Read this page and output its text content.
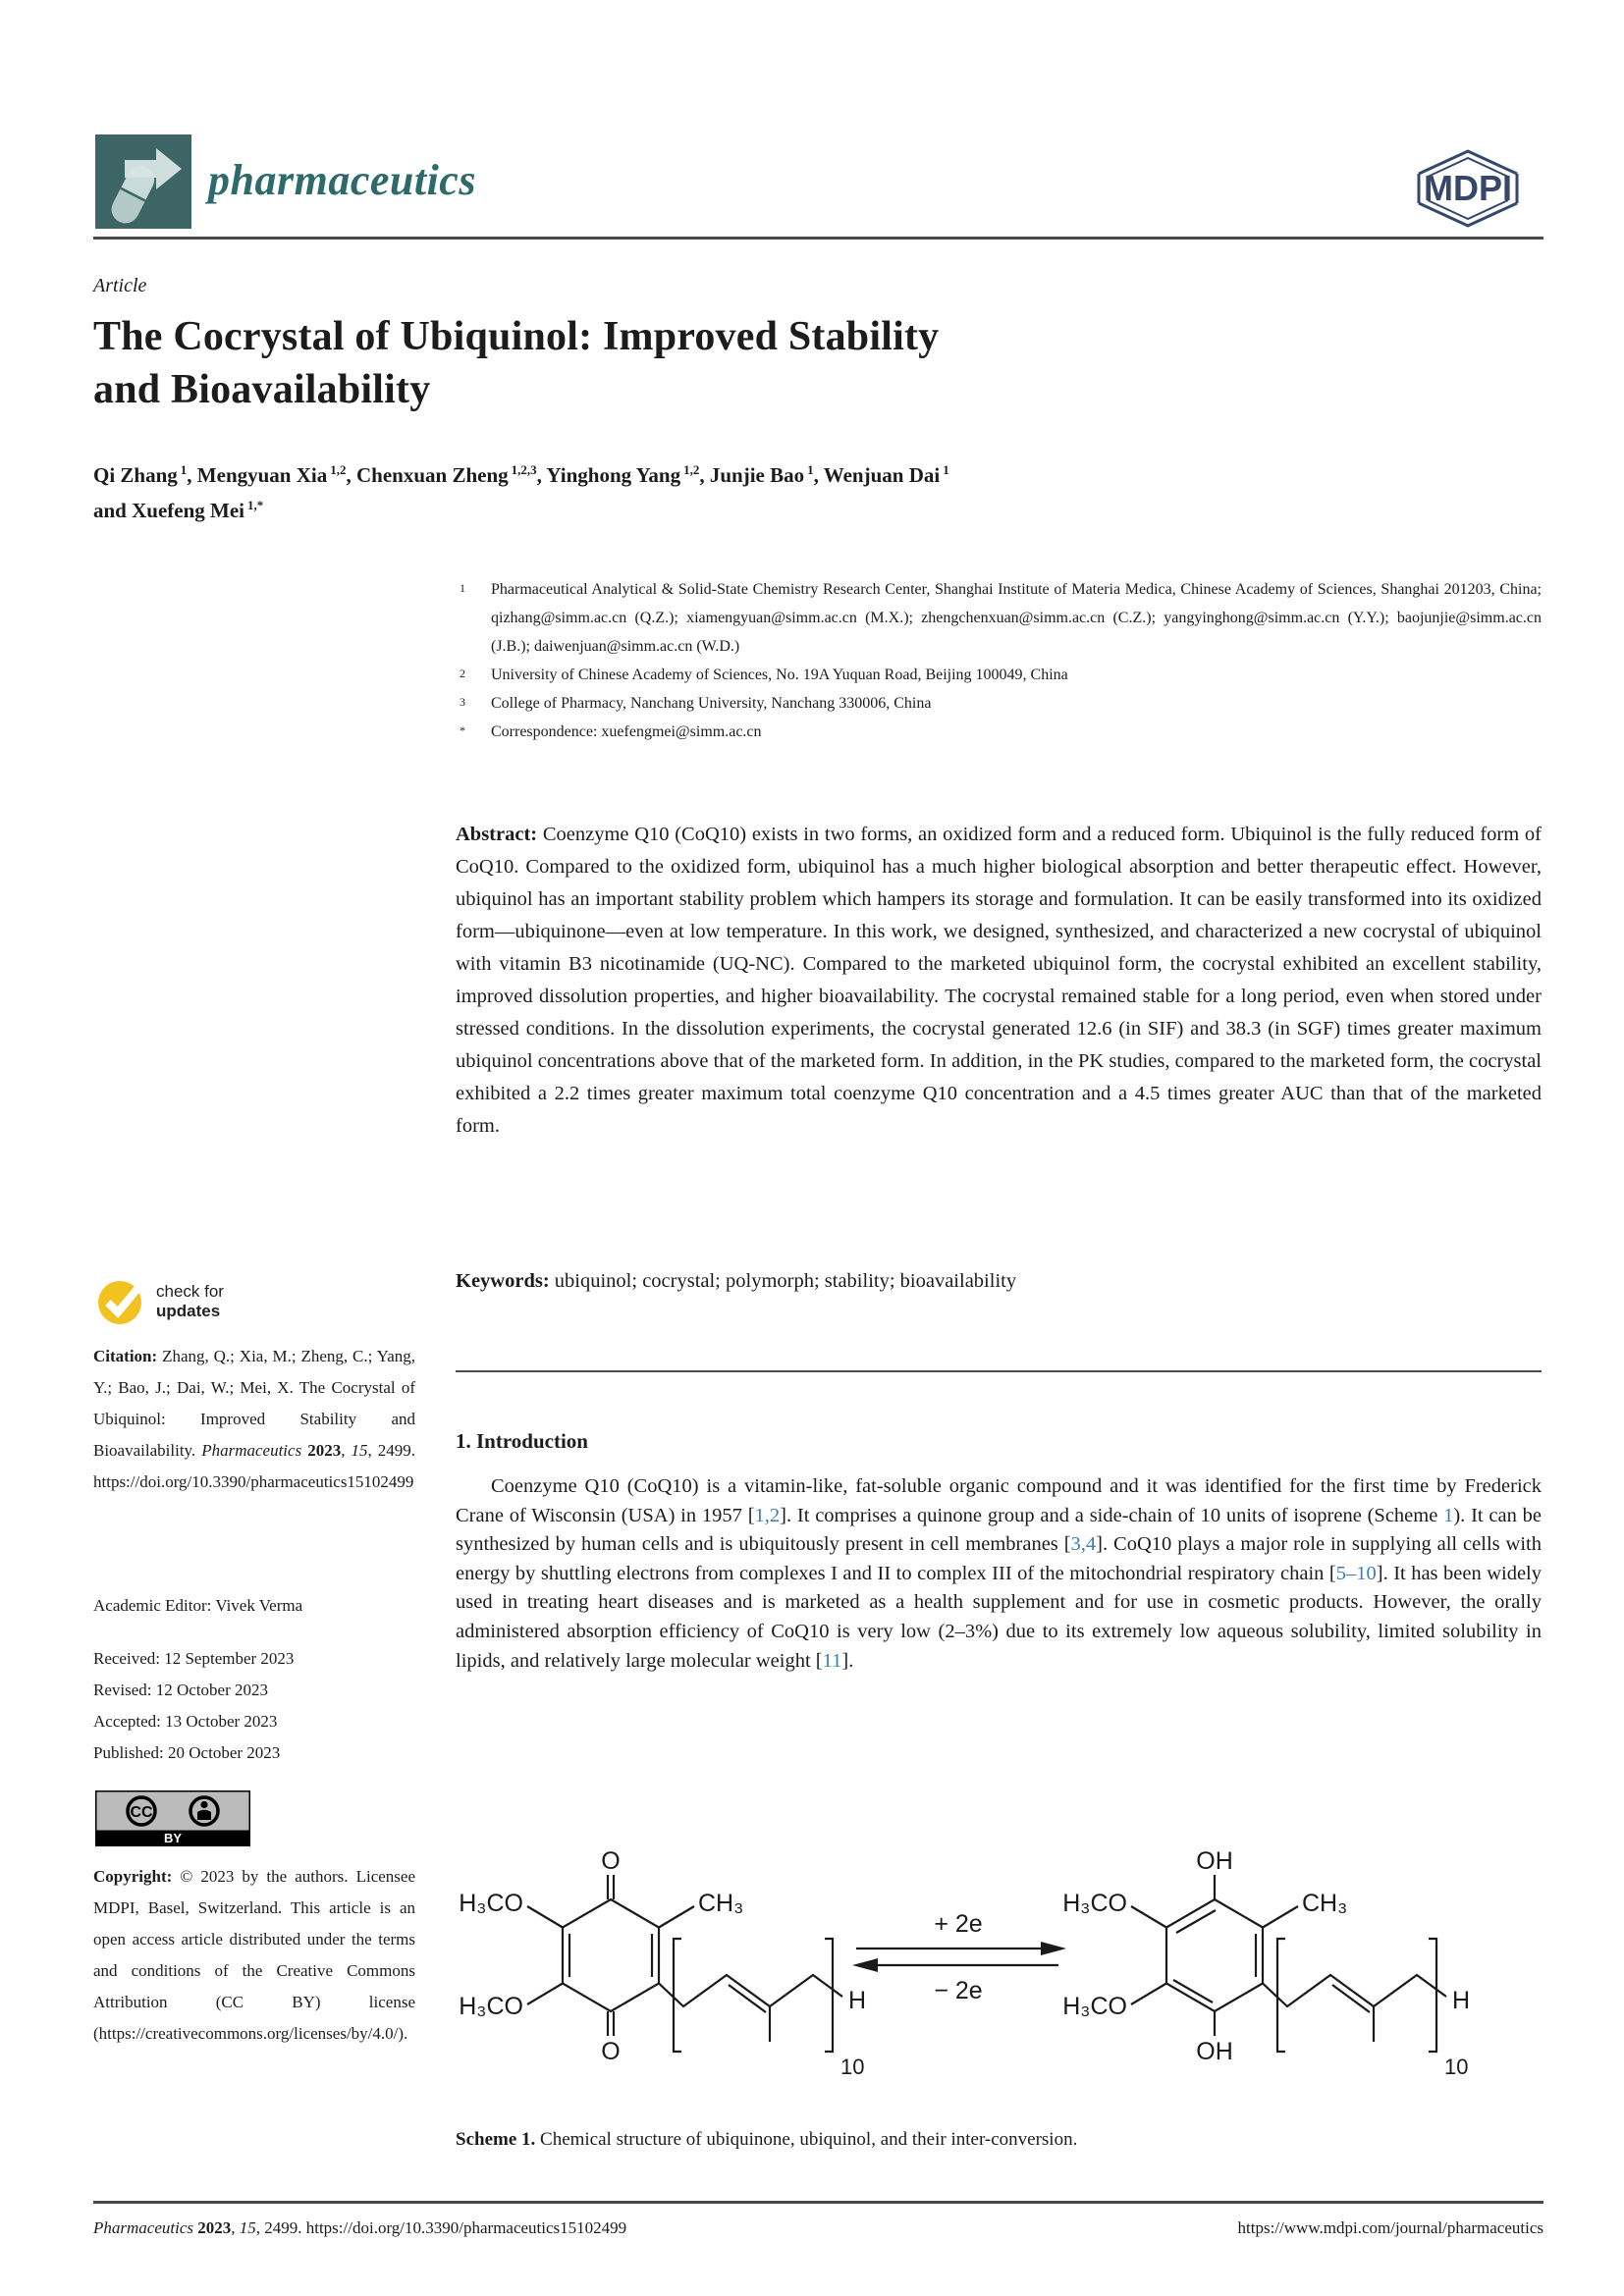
pharmaceutics	MDPI
Article
The Cocrystal of Ubiquinol: Improved Stability
and Bioavailability
Qi Zhang $^1$, Mengyuan Xia $^{1,2}$, Chenxuan Zheng $^{1,2,3}$, Yinghong Yang $^{1,2}$, Junjie Bao $^1$, Wenjuan Dai $^1$
and Xuefeng Mei $^{1,*}$
1 Pharmaceutical Analytical & Solid-State Chemistry Research Center, Shanghai Institute of Materia Medica, Chinese Academy of Sciences, Shanghai 201203, China; qizhang@simm.ac.cn (Q.Z.); xiamengyuan@simm.ac.cn (M.X.); zhengchenxuan@simm.ac.cn (C.Z.); yangyinghong@simm.ac.cn (Y.Y.); baojunjie@simm.ac.cn (J.B.); daiwenjuan@simm.ac.cn (W.D.)
2 University of Chinese Academy of Sciences, No. 19A Yuquan Road, Beijing 100049, China
3 College of Pharmacy, Nanchang University, Nanchang 330006, China
* Correspondence: xuefengmei@simm.ac.cn
Abstract: Coenzyme Q10 (CoQ10) exists in two forms, an oxidized form and a reduced form. Ubiquinol is the fully reduced form of CoQ10. Compared to the oxidized form, ubiquinol has a much higher biological absorption and better therapeutic effect. However, ubiquinol has an important stability problem which hampers its storage and formulation. It can be easily transformed into its oxidized form—ubiquinone—even at low temperature. In this work, we designed, synthesized, and characterized a new cocrystal of ubiquinol with vitamin B3 nicotinamide (UQ-NC). Compared to the marketed ubiquinol form, the cocrystal exhibited an excellent stability, improved dissolution properties, and higher bioavailability. The cocrystal remained stable for a long period, even when stored under stressed conditions. In the dissolution experiments, the cocrystal generated 12.6 (in SIF) and 38.3 (in SGF) times greater maximum ubiquinol concentrations above that of the marketed form. In addition, in the PK studies, compared to the marketed form, the cocrystal exhibited a 2.2 times greater maximum total coenzyme Q10 concentration and a 4.5 times greater AUC than that of the marketed form.
Keywords: ubiquinol; cocrystal; polymorph; stability; bioavailability
check for
updates
Citation: Zhang, Q.; Xia, M.; Zheng, C.; Yang, Y.; Bao, J.; Dai, W.; Mei, X. The Cocrystal of Ubiquinol: Improved Stability and Bioavailability. Pharmaceutics 2023, 15, 2499. https://doi.org/10.3390/pharmaceutics15102499
Academic Editor: Vivek Verma
Received: 12 September 2023
Revised: 12 October 2023
Accepted: 13 October 2023
Published: 20 October 2023
CC
BY
Copyright: © 2023 by the authors. Licensee MDPI, Basel, Switzerland. This article is an open access article distributed under the terms and conditions of the Creative Commons Attribution (CC BY) license (https://creativecommons.org/licenses/by/4.0/).
1. Introduction
Coenzyme Q10 (CoQ10) is a vitamin-like, fat-soluble organic compound and it was identified for the first time by Frederick Crane of Wisconsin (USA) in 1957 [1,2]. It comprises a quinone group and a side-chain of 10 units of isoprene (Scheme 1). It can be synthesized by human cells and is ubiquitously present in cell membranes [3,4]. CoQ10 plays a major role in supplying all cells with energy by shuttling electrons from complexes I and II to complex III of the mitochondrial respiratory chain [5–10]. It has been widely used in treating heart diseases and is marketed as a health supplement and for use in cosmetic products. However, the orally administered absorption efficiency of CoQ10 is very low (2–3%) due to its extremely low aqueous solubility, limited solubility in lipids, and relatively large molecular weight [11].
O
O
H₃CO
H₃CO
CH₃
H
10
+ 2e
− 2e
OH
OH
H₃CO
H₃CO
CH₃
H
10
Scheme 1. Chemical structure of ubiquinone, ubiquinol, and their inter-conversion.
Pharmaceutics 2023, 15, 2499. https://doi.org/10.3390/pharmaceutics15102499	https://www.mdpi.com/journal/pharmaceutics
